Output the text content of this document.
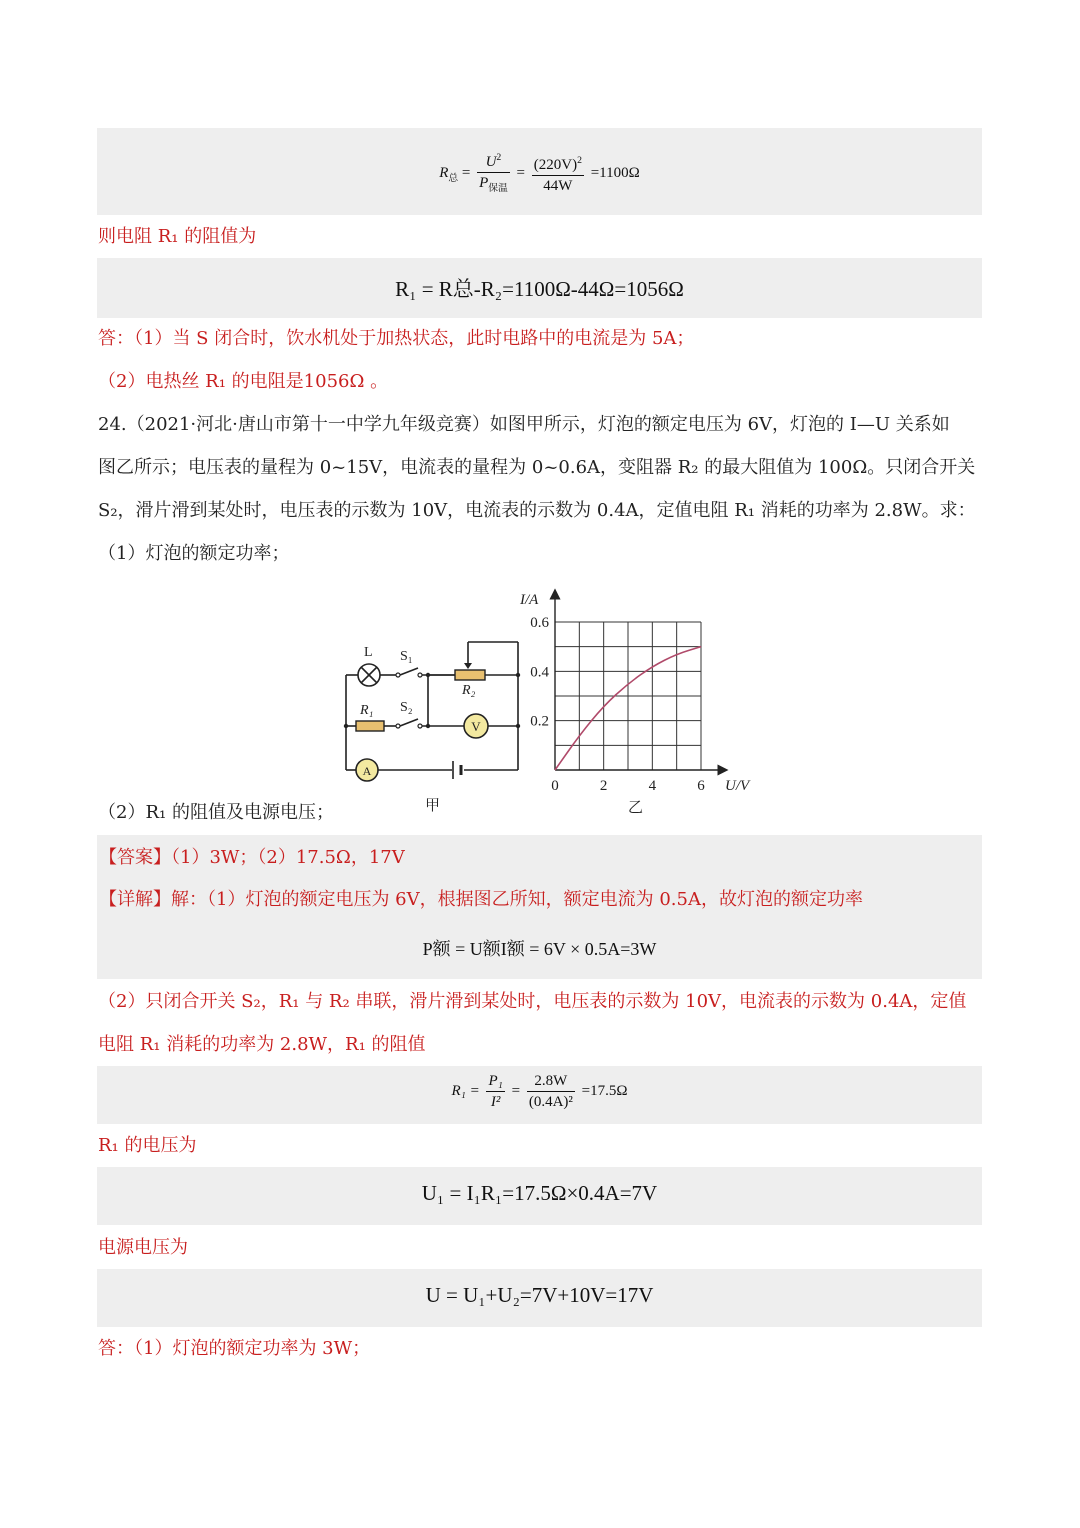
$R_总 = \frac{U^2}{P_{保温}} = \frac{(220V)^2}{44W} =1100\Omega$
则电阻 R₁ 的阻值为
R₁ = R总-R₂=1100Ω-44Ω=1056Ω
答：（1）当 S 闭合时，饮水机处于加热状态，此时电路中的电流是为 5A；
（2）电热丝 R₁ 的电阻是1056Ω 。
24.（2021·河北·唐山市第十一中学九年级竞赛）如图甲所示，灯泡的额定电压为 6V，灯泡的 I—U 关系如
图乙所示；电压表的量程为 0~15V，电流表的量程为 0~0.6A，变阻器 R₂ 的最大阻值为 100Ω。只闭合开关
S₂，滑片滑到某处时，电压表的示数为 10V，电流表的示数为 0.4A，定值电阻 R₁ 消耗的功率为 2.8W。求：
（1）灯泡的额定功率；
V
A
L S₁
S₂
R₁
R₂
甲
0	2	4	6
0.2
0.4
0.6
I/A
U/V
乙
（2）R₁ 的阻值及电源电压；
【答案】（1）3W；（2）17.5Ω，17V
【详解】解：（1）灯泡的额定电压为 6V，根据图乙所知，额定电流为 0.5A，故灯泡的额定功率
P额 = U额I额 = 6V × 0.5A=3W
（2）只闭合开关 S₂，R₁ 与 R₂ 串联，滑片滑到某处时，电压表的示数为 10V，电流表的示数为 0.4A，定值
电阻 R₁ 消耗的功率为 2.8W，R₁ 的阻值
$R_1 = \frac{\text{P₁}}{\text{I²}} = \frac{2.8W}{\text{(0.4A)²}} =17.5\Omega$
R₁ 的电压为
U₁ = I₁R₁=17.5Ω×0.4A=7V
电源电压为
U = U₁+U₂=7V+10V=17V
答：（1）灯泡的额定功率为 3W；
